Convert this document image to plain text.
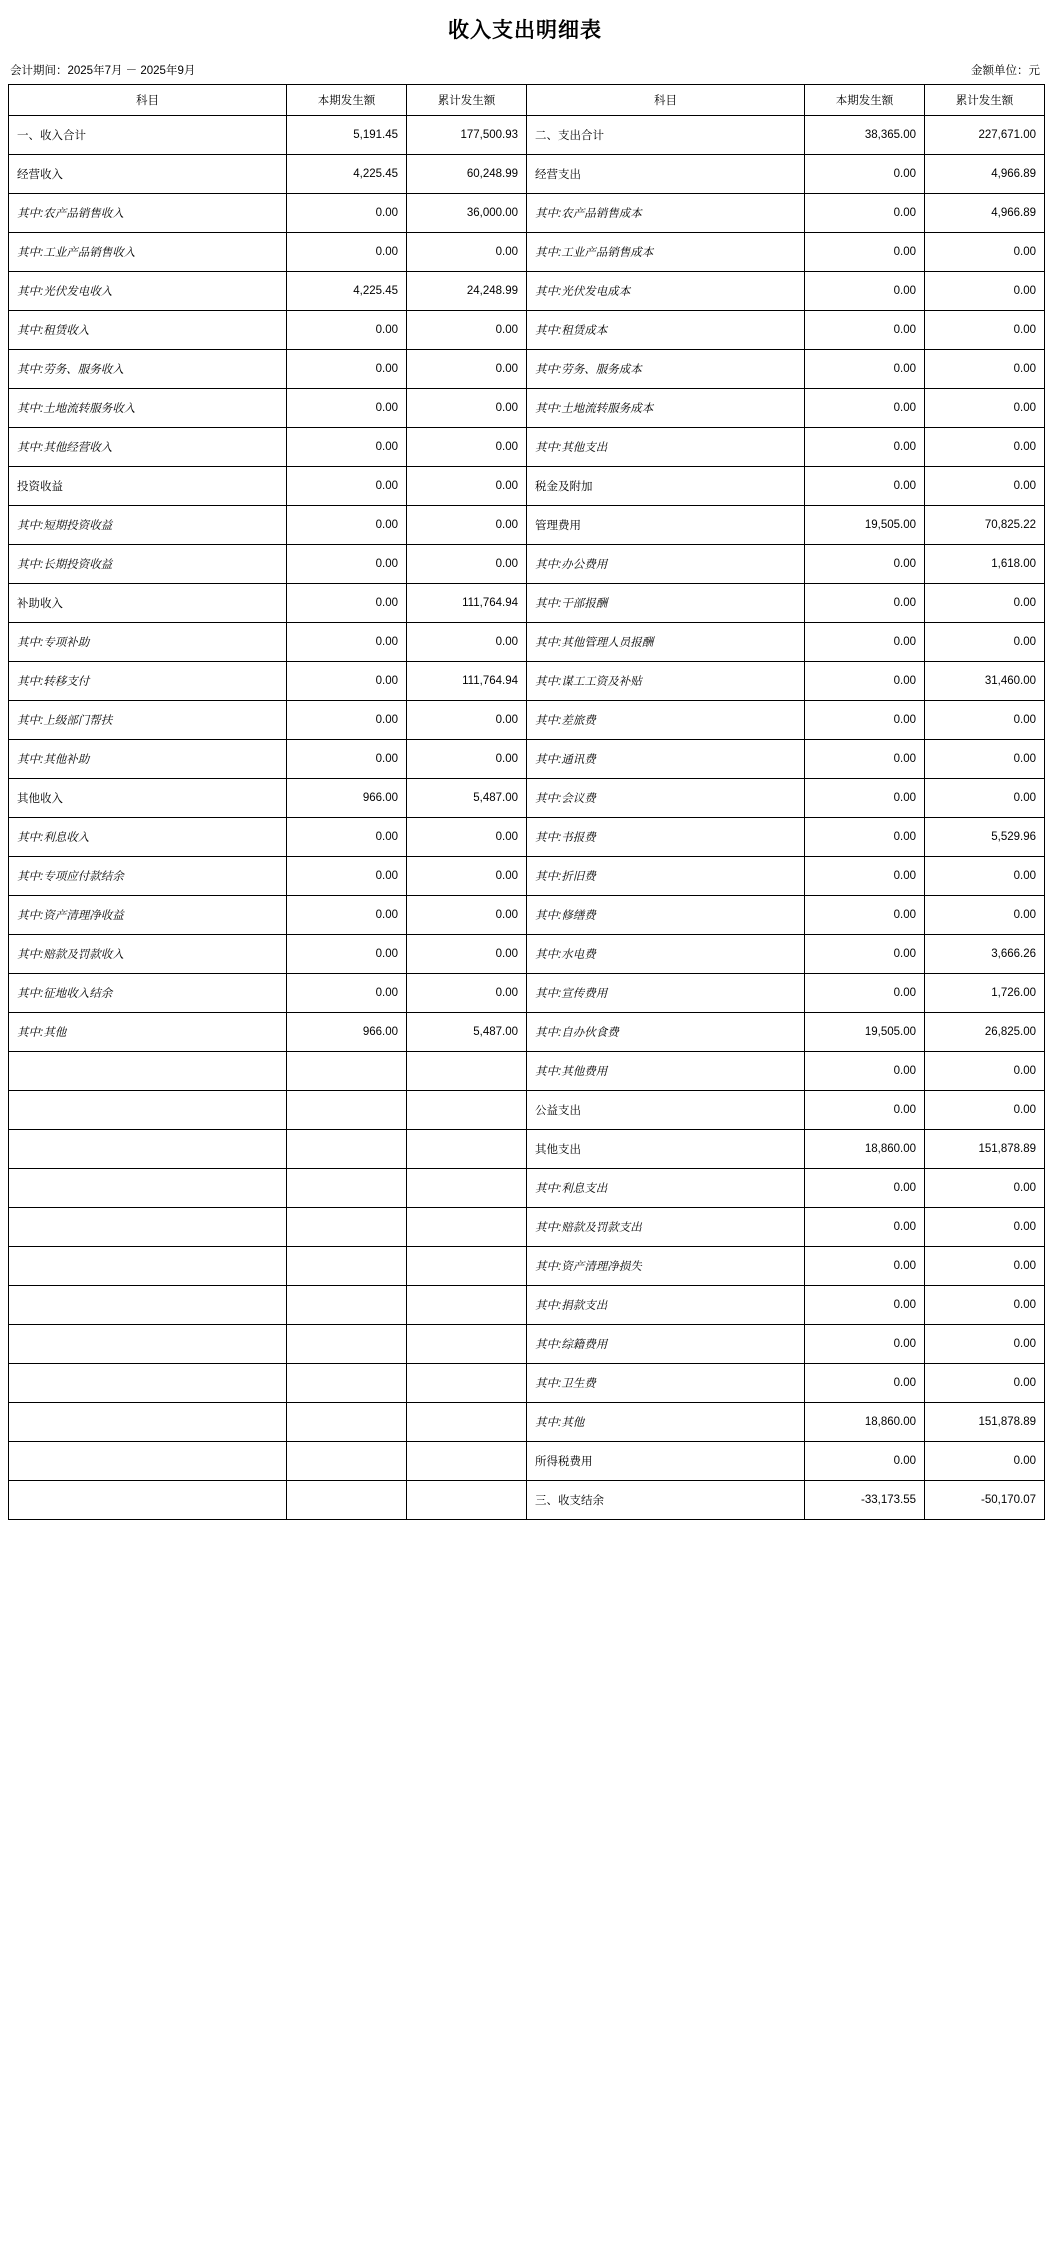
收入支出明细表
会计期间：2025年7月 － 2025年9月	金额单位：元
科目	本期发生额	累计发生额	科目	本期发生额	累计发生额
一、收入合计	5,191.45	177,500.93	二、支出合计	38,365.00	227,671.00
经营收入	4,225.45	60,248.99	经营支出	0.00	4,966.89
其中:农产品销售收入	0.00	36,000.00	其中:农产品销售成本	0.00	4,966.89
其中:工业产品销售收入	0.00	0.00	其中:工业产品销售成本	0.00	0.00
其中:光伏发电收入	4,225.45	24,248.99	其中:光伏发电成本	0.00	0.00
其中:租赁收入	0.00	0.00	其中:租赁成本	0.00	0.00
其中:劳务、服务收入	0.00	0.00	其中:劳务、服务成本	0.00	0.00
其中:土地流转服务收入	0.00	0.00	其中:土地流转服务成本	0.00	0.00
其中:其他经营收入	0.00	0.00	其中:其他支出	0.00	0.00
投资收益	0.00	0.00	税金及附加	0.00	0.00
其中:短期投资收益	0.00	0.00	管理费用	19,505.00	70,825.22
其中:长期投资收益	0.00	0.00	其中:办公费用	0.00	1,618.00
补助收入	0.00	111,764.94	其中:干部报酬	0.00	0.00
其中:专项补助	0.00	0.00	其中:其他管理人员报酬	0.00	0.00
其中:转移支付	0.00	111,764.94	其中:谋工工资及补贴	0.00	31,460.00
其中:上级部门帮扶	0.00	0.00	其中:差旅费	0.00	0.00
其中:其他补助	0.00	0.00	其中:通讯费	0.00	0.00
其他收入	966.00	5,487.00	其中:会议费	0.00	0.00
其中:利息收入	0.00	0.00	其中:书报费	0.00	5,529.96
其中:专项应付款结余	0.00	0.00	其中:折旧费	0.00	0.00
其中:资产清理净收益	0.00	0.00	其中:修缮费	0.00	0.00
其中:赔款及罚款收入	0.00	0.00	其中:水电费	0.00	3,666.26
其中:征地收入结余	0.00	0.00	其中:宣传费用	0.00	1,726.00
其中:其他	966.00	5,487.00	其中:自办伙食费	19,505.00	26,825.00
			其中:其他费用	0.00	0.00
			公益支出	0.00	0.00
			其他支出	18,860.00	151,878.89
			其中:利息支出	0.00	0.00
			其中:赔款及罚款支出	0.00	0.00
			其中:资产清理净损失	0.00	0.00
			其中:捐款支出	0.00	0.00
			其中:综籍费用	0.00	0.00
			其中:卫生费	0.00	0.00
			其中:其他	18,860.00	151,878.89
			所得税费用	0.00	0.00
			三、收支结余	-33,173.55	-50,170.07
